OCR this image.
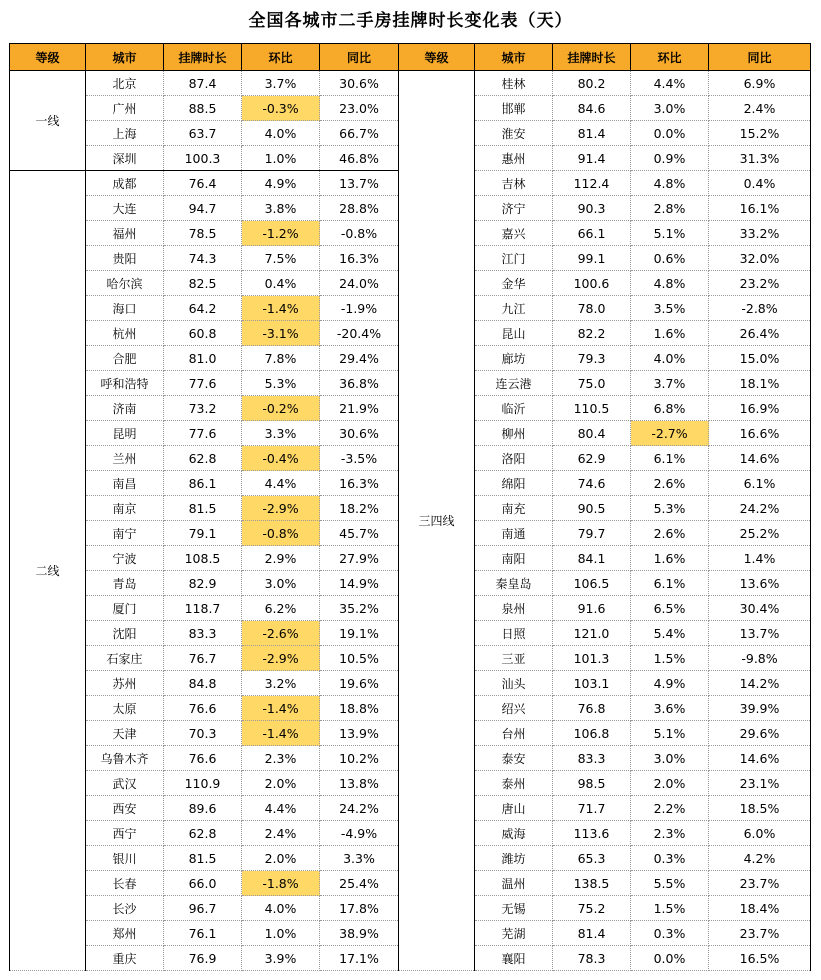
全国各城市二手房挂牌时长变化表（天）
等级	城市	挂牌时长	环比	同比
一线	北京	87.4	3.7%	30.6%
	广州	88.5	-0.3%	23.0%
	上海	63.7	4.0%	66.7%
	深圳	100.3	1.0%	46.8%
二线	成都	76.4	4.9%	13.7%
	大连	94.7	3.8%	28.8%
	福州	78.5	-1.2%	-0.8%
	贵阳	74.3	7.5%	16.3%
	哈尔滨	82.5	0.4%	24.0%
	海口	64.2	-1.4%	-1.9%
	杭州	60.8	-3.1%	-20.4%
	合肥	81.0	7.8%	29.4%
	呼和浩特	77.6	5.3%	36.8%
	济南	73.2	-0.2%	21.9%
	昆明	77.6	3.3%	30.6%
	兰州	62.8	-0.4%	-3.5%
	南昌	86.1	4.4%	16.3%
	南京	81.5	-2.9%	18.2%
	南宁	79.1	-0.8%	45.7%
	宁波	108.5	2.9%	27.9%
	青岛	82.9	3.0%	14.9%
	厦门	118.7	6.2%	35.2%
	沈阳	83.3	-2.6%	19.1%
	石家庄	76.7	-2.9%	10.5%
	苏州	84.8	3.2%	19.6%
	太原	76.6	-1.4%	18.8%
	天津	70.3	-1.4%	13.9%
	乌鲁木齐	76.6	2.3%	10.2%
	武汉	110.9	2.0%	13.8%
	西安	89.6	4.4%	24.2%
	西宁	62.8	2.4%	-4.9%
	银川	81.5	2.0%	3.3%
	长春	66.0	-1.8%	25.4%
	长沙	96.7	4.0%	17.8%
	郑州	76.1	1.0%	38.9%
	重庆	76.9	3.9%	17.1%
等级	城市	挂牌时长	环比	同比
三四线	桂林	80.2	4.4%	6.9%
	邯郸	84.6	3.0%	2.4%
	淮安	81.4	0.0%	15.2%
	惠州	91.4	0.9%	31.3%
	吉林	112.4	4.8%	0.4%
	济宁	90.3	2.8%	16.1%
	嘉兴	66.1	5.1%	33.2%
	江门	99.1	0.6%	32.0%
	金华	100.6	4.8%	23.2%
	九江	78.0	3.5%	-2.8%
	昆山	82.2	1.6%	26.4%
	廊坊	79.3	4.0%	15.0%
	连云港	75.0	3.7%	18.1%
	临沂	110.5	6.8%	16.9%
	柳州	80.4	-2.7%	16.6%
	洛阳	62.9	6.1%	14.6%
	绵阳	74.6	2.6%	6.1%
	南充	90.5	5.3%	24.2%
	南通	79.7	2.6%	25.2%
	南阳	84.1	1.6%	1.4%
	秦皇岛	106.5	6.1%	13.6%
	泉州	91.6	6.5%	30.4%
	日照	121.0	5.4%	13.7%
	三亚	101.3	1.5%	-9.8%
	汕头	103.1	4.9%	14.2%
	绍兴	76.8	3.6%	39.9%
	台州	106.8	5.1%	29.6%
	泰安	83.3	3.0%	14.6%
	泰州	98.5	2.0%	23.1%
	唐山	71.7	2.2%	18.5%
	威海	113.6	2.3%	6.0%
	潍坊	65.3	0.3%	4.2%
	温州	138.5	5.5%	23.7%
	无锡	75.2	1.5%	18.4%
	芜湖	81.4	0.3%	23.7%
	襄阳	78.3	0.0%	16.5%
